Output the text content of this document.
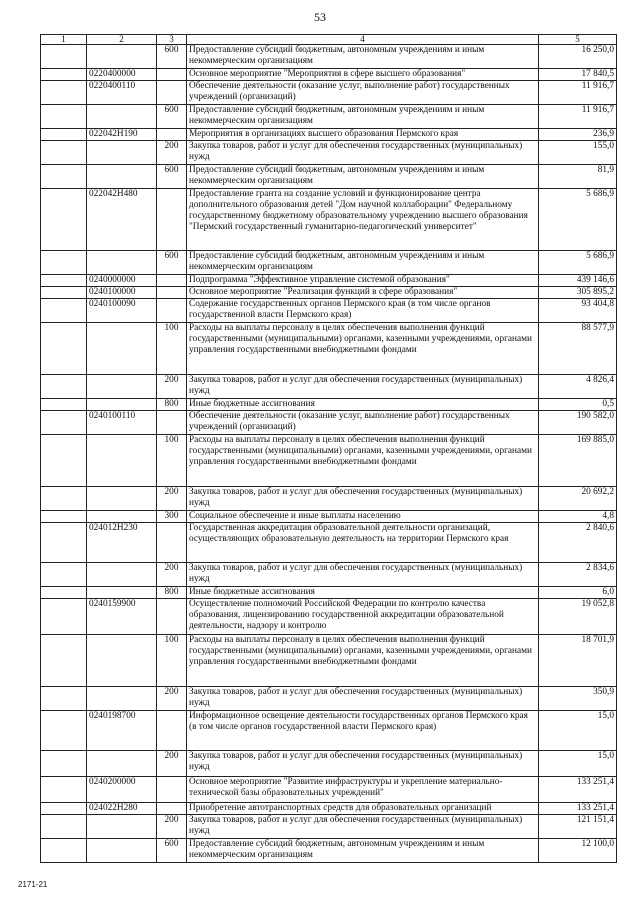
53
1	2	3	4	5
		600	Предоставление субсидий бюджетным, автономным учреждениям и иным некоммерческим организациям	16 250,0
	0220400000		Основное мероприятие "Мероприятия в сфере высшего образования"	17 840,5
	0220400110		Обеспечение деятельности (оказание услуг, выполнение работ) государственных учреждений (организаций)	11 916,7
		600	Предоставление субсидий бюджетным, автономным учреждениям и иным некоммерческим организациям	11 916,7
	022042Н190		Мероприятия в организациях высшего образования Пермского края	236,9
		200	Закупка товаров, работ и услуг для обеспечения государственных (муниципальных) нужд	155,0
		600	Предоставление субсидий бюджетным, автономным учреждениям и иным некоммерческим организациям	81,9
	022042Н480		Предоставление гранта на создание условий и функционирование центра дополнительного образования детей "Дом научной коллаборации" Федеральному государственному бюджетному образовательному учреждению высшего образования "Пермский государственный гуманитарно-педагогический университет"	5 686,9
		600	Предоставление субсидий бюджетным, автономным учреждениям и иным некоммерческим организациям	5 686,9
	0240000000		Подпрограмма "Эффективное управление системой образования"	439 146,6
	0240100000		Основное мероприятие "Реализация функций в сфере образования"	305 895,2
	0240100090		Содержание государственных органов Пермского края (в том числе органов государственной власти Пермского края)	93 404,8
		100	Расходы на выплаты персоналу в целях обеспечения выполнения функций государственными (муниципальными) органами, казенными учреждениями, органами управления государственными внебюджетными фондами	88 577,9
		200	Закупка товаров, работ и услуг для обеспечения государственных (муниципальных) нужд	4 826,4
		800	Иные бюджетные ассигнования	0,5
	0240100110		Обеспечение деятельности (оказание услуг, выполнение работ) государственных учреждений (организаций)	190 582,0
		100	Расходы на выплаты персоналу в целях обеспечения выполнения функций государственными (муниципальными) органами, казенными учреждениями, органами управления государственными внебюджетными фондами	169 885,0
		200	Закупка товаров, работ и услуг для обеспечения государственных (муниципальных) нужд	20 692,2
		300	Социальное обеспечение и иные выплаты населению	4,8
	024012Н230		Государственная аккредитация образовательной деятельности организаций, осуществляющих образовательную деятельность на территории Пермского края	2 840,6
		200	Закупка товаров, работ и услуг для обеспечения государственных (муниципальных) нужд	2 834,6
		800	Иные бюджетные ассигнования	6,0
	0240159900		Осуществление полномочий Российской Федерации по контролю качества образования, лицензированию государственной аккредитации образовательной деятельности, надзору и контролю	19 052,8
		100	Расходы на выплаты персоналу в целях обеспечения выполнения функций государственными (муниципальными) органами, казенными учреждениями, органами управления государственными внебюджетными фондами	18 701,9
		200	Закупка товаров, работ и услуг для обеспечения государственных (муниципальных) нужд	350,9
	0240198700		Информационное освещение деятельности государственных органов Пермского края (в том числе органов государственной власти Пермского края)	15,0
		200	Закупка товаров, работ и услуг для обеспечения государственных (муниципальных) нужд	15,0
	0240200000		Основное мероприятие "Развитие инфраструктуры и укрепление материально-технической базы образовательных учреждений"	133 251,4
	024022Н280		Приобретение автотранспортных средств для образовательных организаций	133 251,4
		200	Закупка товаров, работ и услуг для обеспечения государственных (муниципальных) нужд	121 151,4
		600	Предоставление субсидий бюджетным, автономным учреждениям и иным некоммерческим организациям	12 100,0
2171-21
